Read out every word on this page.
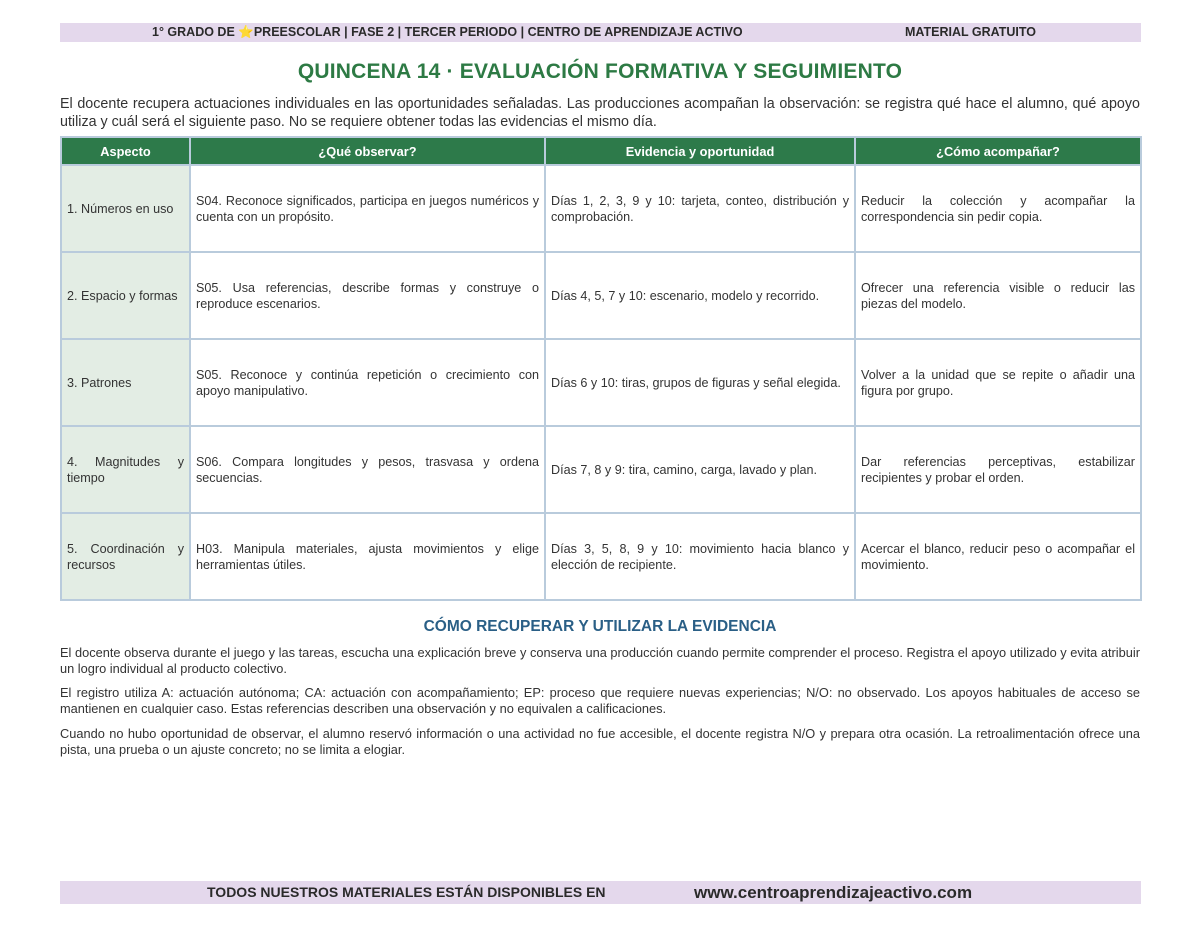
1° GRADO DE ⭐PREESCOLAR | FASE 2 | TERCER PERIODO | CENTRO DE APRENDIZAJE ACTIVO	MATERIAL GRATUITO
QUINCENA 14 · EVALUACIÓN FORMATIVA Y SEGUIMIENTO
El docente recupera actuaciones individuales en las oportunidades señaladas. Las producciones acompañan la observación: se registra qué hace el alumno, qué apoyo utiliza y cuál será el siguiente paso. No se requiere obtener todas las evidencias el mismo día.
Aspecto	¿Qué observar?	Evidencia y oportunidad	¿Cómo acompañar?
1. Números en uso	S04. Reconoce significados, participa en juegos numéricos y cuenta con un propósito.	Días 1, 2, 3, 9 y 10: tarjeta, conteo, distribución y comprobación.	Reducir la colección y acompañar la correspondencia sin pedir copia.
2. Espacio y formas	S05. Usa referencias, describe formas y construye o reproduce escenarios.	Días 4, 5, 7 y 10: escenario, modelo y recorrido.	Ofrecer una referencia visible o reducir las piezas del modelo.
3. Patrones	S05. Reconoce y continúa repetición o crecimiento con apoyo manipulativo.	Días 6 y 10: tiras, grupos de figuras y señal elegida.	Volver a la unidad que se repite o añadir una figura por grupo.
4. Magnitudes y tiempo	S06. Compara longitudes y pesos, trasvasa y ordena secuencias.	Días 7, 8 y 9: tira, camino, carga, lavado y plan.	Dar referencias perceptivas, estabilizar recipientes y probar el orden.
5. Coordinación y recursos	H03. Manipula materiales, ajusta movimientos y elige herramientas útiles.	Días 3, 5, 8, 9 y 10: movimiento hacia blanco y elección de recipiente.	Acercar el blanco, reducir peso o acompañar el movimiento.
CÓMO RECUPERAR Y UTILIZAR LA EVIDENCIA
El docente observa durante el juego y las tareas, escucha una explicación breve y conserva una producción cuando permite comprender el proceso. Registra el apoyo utilizado y evita atribuir un logro individual al producto colectivo.
El registro utiliza A: actuación autónoma; CA: actuación con acompañamiento; EP: proceso que requiere nuevas experiencias; N/O: no observado. Los apoyos habituales de acceso se mantienen en cualquier caso. Estas referencias describen una observación y no equivalen a calificaciones.
Cuando no hubo oportunidad de observar, el alumno reservó información o una actividad no fue accesible, el docente registra N/O y prepara otra ocasión. La retroalimentación ofrece una pista, una prueba o un ajuste concreto; no se limita a elogiar.
TODOS NUESTROS MATERIALES ESTÁN DISPONIBLES EN	www.centroaprendizajeactivo.com
